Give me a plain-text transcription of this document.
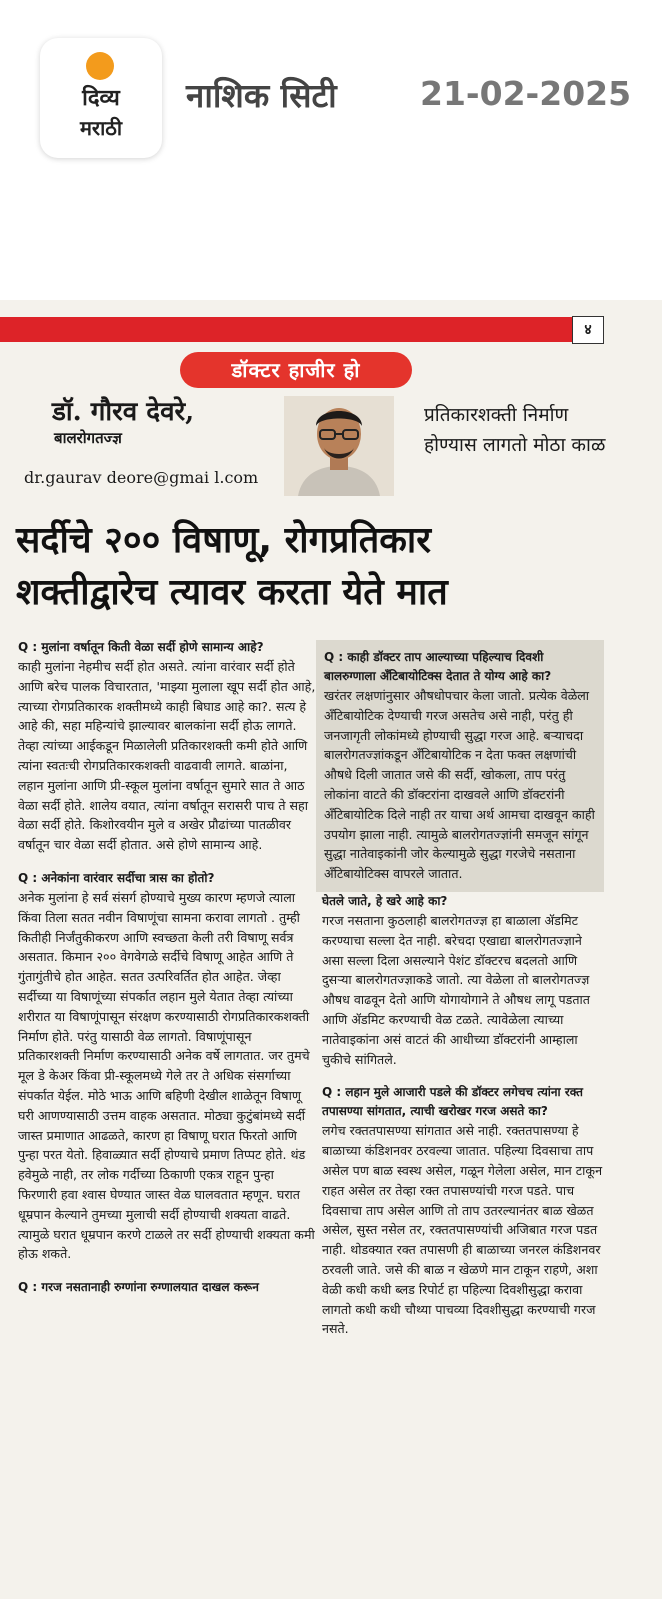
दिव्य
मराठी
नाशिक सिटी	21-02-2025
४
डॉक्टर हाजीर हो
डॉ. गौरव देवरे,
बालरोगतज्ज्ञ
dr.gaurav deore@gmai l.com
प्रतिकारशक्ती निर्माण होण्यास लागतो मोठा काळ
सर्दीचे २०० विषाणू, रोगप्रतिकार
शक्तीद्वारेच त्यावर करता येते मात
Q : मुलांना वर्षातून किती वेळा सर्दी होणे सामान्य आहे?
काही मुलांना नेहमीच सर्दी होत असते. त्यांना वारंवार सर्दी होते आणि बरेच पालक विचारतात, 'माझ्या मुलाला खूप सर्दी होत आहे, त्याच्या रोगप्रतिकारक शक्तीमध्ये काही बिघाड आहे का?. सत्य हे आहे की, सहा महिन्यांचे झाल्यावर बालकांना सर्दी होऊ लागते. तेव्हा त्यांच्या आईकडून मिळालेली प्रतिकारशक्ती कमी होते आणि त्यांना स्वतःची रोगप्रतिकारकशक्ती वाढवावी लागते. बाळांना, लहान मुलांना आणि प्री-स्कूल मुलांना वर्षातून सुमारे सात ते आठ वेळा सर्दी होते. शालेय वयात, त्यांना वर्षातून सरासरी पाच ते सहा वेळा सर्दी होते. किशोरवयीन मुले व अखेर प्रौढांच्या पातळीवर वर्षातून चार वेळा सर्दी होतात. असे होणे सामान्य आहे.
Q : अनेकांना वारंवार सर्दीचा त्रास का होतो?
अनेक मुलांना हे सर्व संसर्ग होण्याचे मुख्य कारण म्हणजे त्याला किंवा तिला सतत नवीन विषाणूंचा सामना करावा लागतो . तुम्ही कितीही निर्जंतुकीकरण आणि स्वच्छता केली तरी विषाणू सर्वत्र असतात. किमान २०० वेगवेगळे सर्दीचे विषाणू आहेत आणि ते गुंतागुंतीचे होत आहेत. सतत उत्परिवर्तित होत आहेत. जेव्हा सर्दीच्या या विषाणूंच्या संपर्कात लहान मुले येतात तेव्हा त्यांच्या शरीरात या विषाणूंपासून संरक्षण करण्यासाठी रोगप्रतिकारकशक्ती निर्माण होते. परंतु यासाठी वेळ लागतो. विषाणूंपासून प्रतिकारशक्ती निर्माण करण्यासाठी अनेक वर्षे लागतात. जर तुमचे मूल डे केअर किंवा प्री-स्कूलमध्ये गेले तर ते अधिक संसर्गाच्या संपर्कात येईल. मोठे भाऊ आणि बहिणी देखील शाळेतून विषाणू घरी आणण्यासाठी उत्तम वाहक असतात. मोठ्या कुटुंबांमध्ये सर्दी जास्त प्रमाणात आढळते, कारण हा विषाणू घरात फिरतो आणि पुन्हा परत येतो. हिवाळ्यात सर्दी होण्याचे प्रमाण तिप्पट होते. थंड हवेमुळे नाही, तर लोक गर्दीच्या ठिकाणी एकत्र राहून पुन्हा फिरणारी हवा श्वास घेण्यात जास्त वेळ घालवतात म्हणून. घरात धूम्रपान केल्याने तुमच्या मुलाची सर्दी होण्याची शक्यता वाढते. त्यामुळे घरात धूम्रपान करणे टाळले तर सर्दी होण्याची शक्यता कमी होऊ शकते.
Q : गरज नसतानाही रुग्णांना रुग्णालयात दाखल करून
Q : काही डॉक्टर ताप आल्याच्या पहिल्याच दिवशी बालरुग्णाला अँटिबायोटिक्स देतात ते योग्य आहे का?
खरंतर लक्षणांनुसार औषधोपचार केला जातो. प्रत्येक वेळेला अँटिबायोटिक देण्याची गरज असतेच असे नाही, परंतु ही जनजागृती लोकांमध्ये होण्याची सुद्धा गरज आहे. बऱ्याचदा बालरोगतज्ज्ञांकडून अँटिबायोटिक न देता फक्त लक्षणांची औषधे दिली जातात जसे की सर्दी, खोकला, ताप परंतु लोकांना वाटते की डॉक्टरांना दाखवले आणि डॉक्टरांनी अँटिबायोटिक दिले नाही तर याचा अर्थ आमचा दाखवून काही उपयोग झाला नाही. त्यामुळे बालरोगतज्ज्ञांनी समजून सांगून सुद्धा नातेवाइकांनी जोर केल्यामुळे सुद्धा गरजेचे नसताना अँटिबायोटिक्स वापरले जातात.
घेतले जाते, हे खरे आहे का?
गरज नसताना कुठलाही बालरोगतज्ज्ञ हा बाळाला ॲडमिट करण्याचा सल्ला देत नाही. बरेचदा एखाद्या बालरोगतज्ज्ञाने असा सल्ला दिला असल्याने पेशंट डॉक्टरच बदलतो आणि दुसऱ्या बालरोगतज्ज्ञाकडे जातो. त्या वेळेला तो बालरोगतज्ज्ञ औषध वाढवून देतो आणि योगायोगाने ते औषध लागू पडतात आणि ॲडमिट करण्याची वेळ टळते. त्यावेळेला त्याच्या नातेवाइकांना असं वाटतं की आधीच्या डॉक्टरांनी आम्हाला चुकीचे सांगितले.
Q : लहान मुले आजारी पडले की डॉक्टर लगेचच त्यांना रक्त तपासण्या सांगतात, त्याची खरोखर गरज असते का?
लगेच रक्ततपासण्या सांगतात असे नाही. रक्ततपासण्या हे बाळाच्या कंडिशनवर ठरवल्या जातात. पहिल्या दिवसाचा ताप असेल पण बाळ स्वस्थ असेल, गळून गेलेला असेल, मान टाकून राहत असेल तर तेव्हा रक्त तपासण्यांची गरज पडते. पाच दिवसाचा ताप असेल आणि तो ताप उतरल्यानंतर बाळ खेळत असेल, सुस्त नसेल तर, रक्ततपासण्यांची अजिबात गरज पडत नाही. थोडक्यात रक्त तपासणी ही बाळाच्या जनरल कंडिशनवर ठरवली जाते. जसे की बाळ न खेळणे मान टाकून राहणे, अशा वेळी कधी कधी ब्लड रिपोर्ट हा पहिल्या दिवशीसुद्धा करावा लागतो कधी कधी चौथ्या पाचव्या दिवशीसुद्धा करण्याची गरज नसते.
